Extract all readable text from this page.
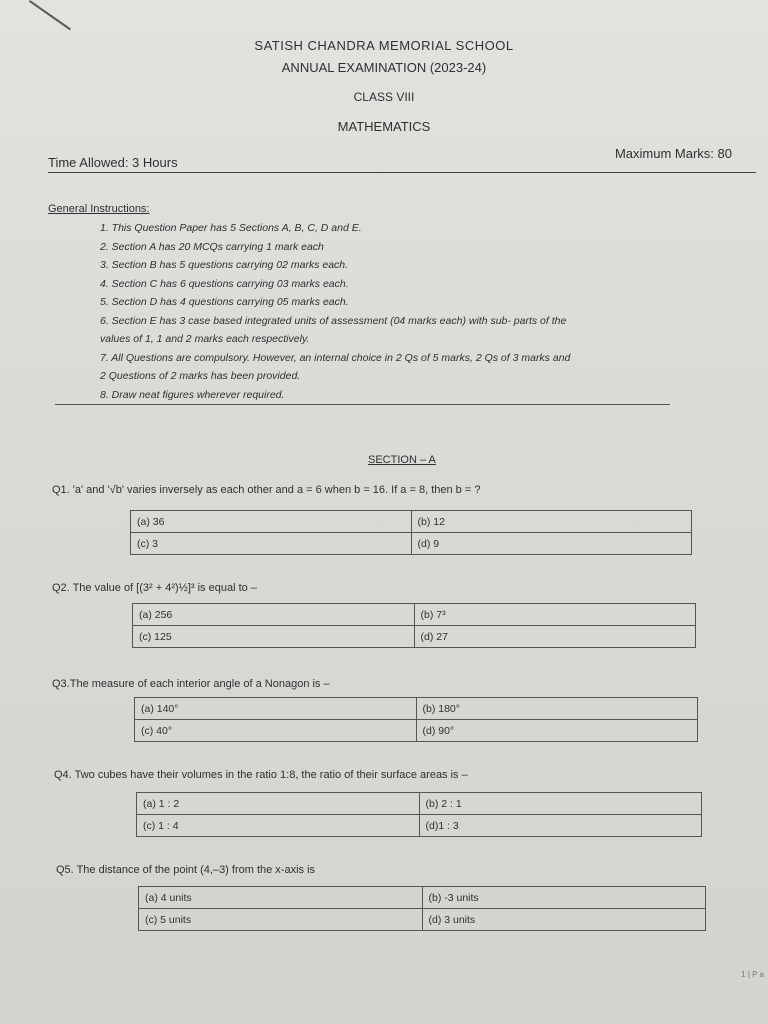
SATISH CHANDRA MEMORIAL SCHOOL
ANNUAL EXAMINATION (2023-24)
CLASS VIII
MATHEMATICS
Time Allowed: 3 Hours
Maximum Marks: 80
General Instructions:
1. This Question Paper has 5 Sections A, B, C, D and E.
2. Section A has 20 MCQs carrying 1 mark each
3. Section B has 5 questions carrying 02 marks each.
4. Section C has 6 questions carrying 03 marks each.
5. Section D has 4 questions carrying 05 marks each.
6. Section E has 3 case based integrated units of assessment (04 marks each) with sub- parts of the
values of 1, 1 and 2 marks each respectively.
7. All Questions are compulsory. However, an internal choice in 2 Qs of 5 marks, 2 Qs of 3 marks and
2 Questions of 2 marks has been provided.
8. Draw neat figures wherever required.
SECTION – A
Q1. 'a' and '√b' varies inversely as each other and a = 6 when b = 16. If a = 8, then b = ?
(a) 36	(b) 12
(c) 3	(d) 9
Q2. The value of [(3² + 4²)½]³ is equal to –
(a) 256	(b) 7³
(c) 125	(d) 27
Q3.The measure of each interior angle of a Nonagon is –
(a) 140°	(b) 180°
(c) 40°	(d) 90°
Q4. Two cubes have their volumes in the ratio 1:8, the ratio of their surface areas is –
(a) 1 : 2	(b) 2 : 1
(c) 1 : 4	(d)1 : 3
Q5. The distance of the point (4,–3) from the x-axis is
(a) 4 units	(b) -3 units
(c) 5 units	(d) 3 units
1 | P a
